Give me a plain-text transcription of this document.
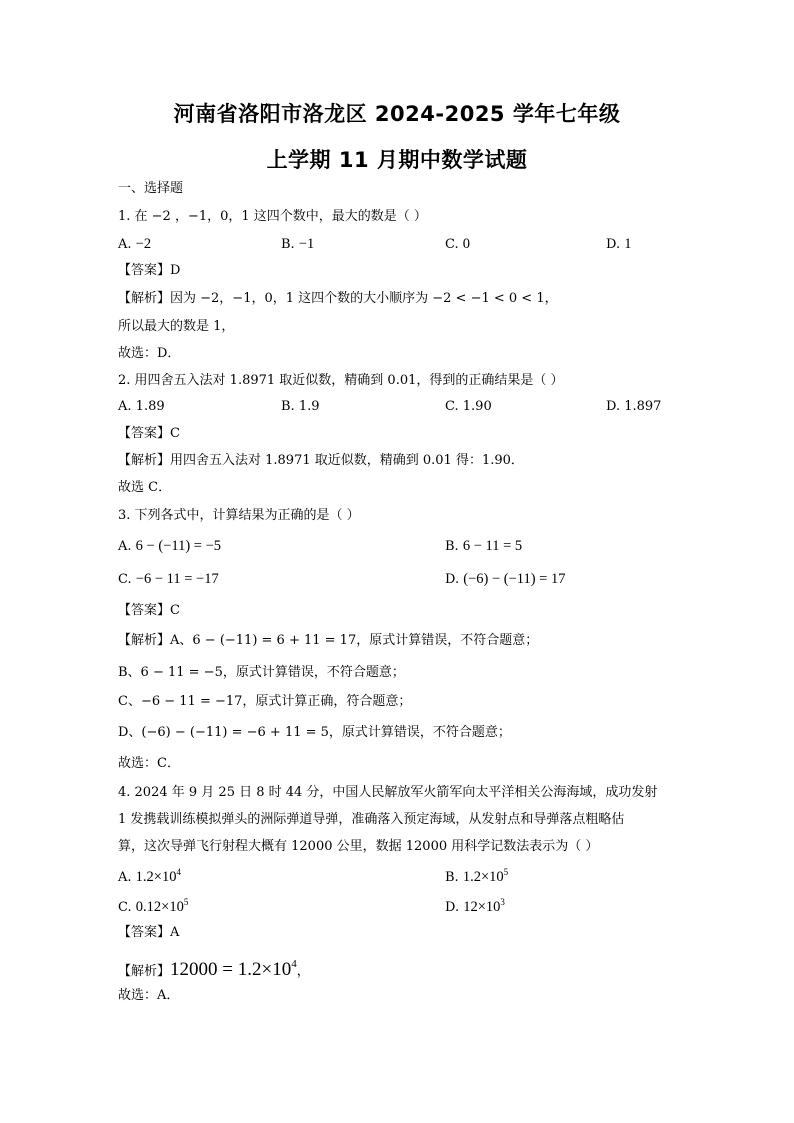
河南省洛阳市洛龙区 2024-2025 学年七年级
上学期 11 月期中数学试题
一、选择题
1. 在 −2 ，−1，0，1 这四个数中，最大的数是（ ）
A. −2	B. −1	C. 0	D. 1
【答案】D
【解析】因为 −2，−1，0，1 这四个数的大小顺序为 −2 < −1 < 0 < 1，
所以最大的数是 1，
故选：D．
2. 用四舍五入法对 1.8971 取近似数，精确到 0.01，得到的正确结果是（ ）
A. 1.89	B. 1.9	C. 1.90	D. 1.897
【答案】C
【解析】用四舍五入法对 1.8971 取近似数，精确到 0.01 得：1.90．
故选 C．
3. 下列各式中，计算结果为正确的是（ ）
A. 6 − (−11) = −5	B. 6 − 11 = 5
C. −6 − 11 = −17	D. (−6) − (−11) = 17
【答案】C
【解析】A、6 − (−11) = 6 + 11 = 17，原式计算错误，不符合题意；
B、6 − 11 = −5，原式计算错误，不符合题意；
C、−6 − 11 = −17，原式计算正确，符合题意；
D、(−6) − (−11) = −6 + 11 = 5，原式计算错误，不符合题意；
故选：C．
4. 2024 年 9 月 25 日 8 时 44 分，中国人民解放军火箭军向太平洋相关公海海域，成功发射
1 发携载训练模拟弹头的洲际弹道导弹，准确落入预定海域，从发射点和导弹落点粗略估
算，这次导弹飞行射程大概有 12000 公里，数据 12000 用科学记数法表示为（ ）
A. $1.2\times 10^4$	B. $1.2\times 10^5$
C. $0.12\times 10^5$	D. $12\times 10^3$
【答案】A
【解析】$12000 = 1.2\times 10^4$，
故选：A．
